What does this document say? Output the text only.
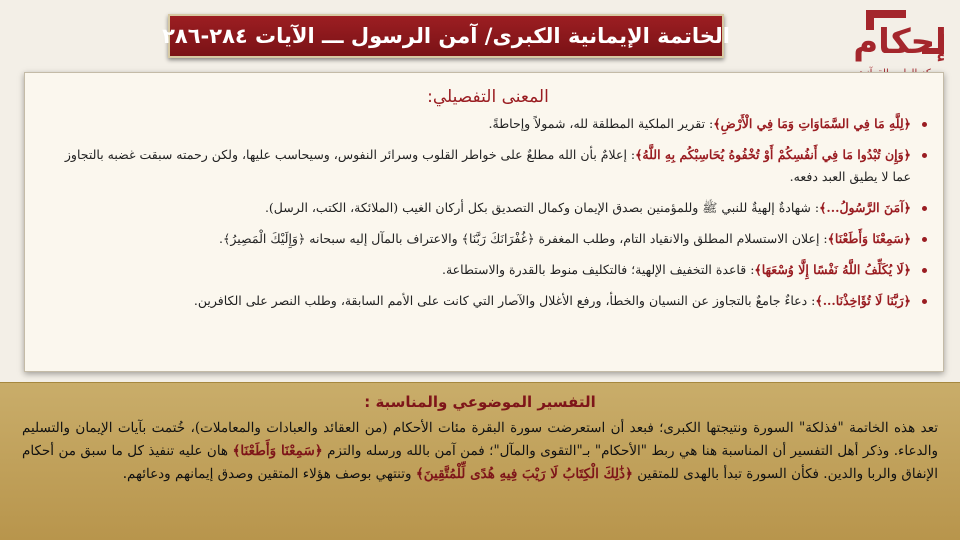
الخاتمة الإيمانية الكبرى/ آمن الرسول ـــ الآيات ٢٨٤-٢٨٦	إحكام
المعنى التفصيلي:
﴿لِلَّهِ مَا فِي السَّمَاوَاتِ وَمَا فِي الْأَرْضِ﴾: تقرير الملكية المطلقة لله، شمولاً وإحاطةً.
﴿وَإِن تُبْدُوا مَا فِي أَنفُسِكُمْ أَوْ تُخْفُوهُ يُحَاسِبْكُم بِهِ اللَّهُ﴾: إعلامٌ بأن الله مطلعٌ على خواطر القلوب وسرائر النفوس، وسيحاسب عليها، ولكن رحمته سبقت غضبه بالتجاوز عما لا يطيق العبد دفعه.
﴿آمَنَ الرَّسُولُ...﴾: شهادةٌ إلهيةٌ للنبي ﷺ وللمؤمنين بصدق الإيمان وكمال التصديق بكل أركان الغيب (الملائكة، الكتب، الرسل).
﴿سَمِعْنَا وَأَطَعْنَا﴾: إعلان الاستسلام المطلق والانقياد التام، وطلب المغفرة ﴿غُفْرَانَكَ رَبَّنَا﴾ والاعتراف بالمآل إليه سبحانه ﴿وَإِلَيْكَ الْمَصِيرُ﴾.
﴿لَا يُكَلِّفُ اللَّهُ نَفْسًا إِلَّا وُسْعَهَا﴾: قاعدة التخفيف الإلهية؛ فالتكليف منوط بالقدرة والاستطاعة.
﴿رَبَّنَا لَا تُؤَاخِذْنَا...﴾: دعاءٌ جامعٌ بالتجاوز عن النسيان والخطأ، ورفع الأغلال والآصار التي كانت على الأمم السابقة، وطلب النصر على الكافرين.
التفسير الموضوعي والمناسبة :
تعد هذه الخاتمة "فذلكة" السورة ونتيجتها الكبرى؛ فبعد أن استعرضت سورة البقرة مئات الأحكام (من العقائد والعبادات والمعاملات)، خُتمت بآيات الإيمان والتسليم والدعاء. وذكر أهل التفسير أن المناسبة هنا هي ربط "الأحكام" بـ"التقوى والمآل"؛ فمن آمن بالله ورسله والتزم ﴿سَمِعْنَا وَأَطَعْنَا﴾ هان عليه تنفيذ كل ما سبق من أحكام الإنفاق والربا والدين. فكأن السورة تبدأ بالهدى للمتقين ﴿ذَٰلِكَ الْكِتَابُ لَا رَيْبَ فِيهِ هُدًى لِّلْمُتَّقِينَ﴾ وتنتهي بوصف هؤلاء المتقين وصدق إيمانهم ودعائهم.
